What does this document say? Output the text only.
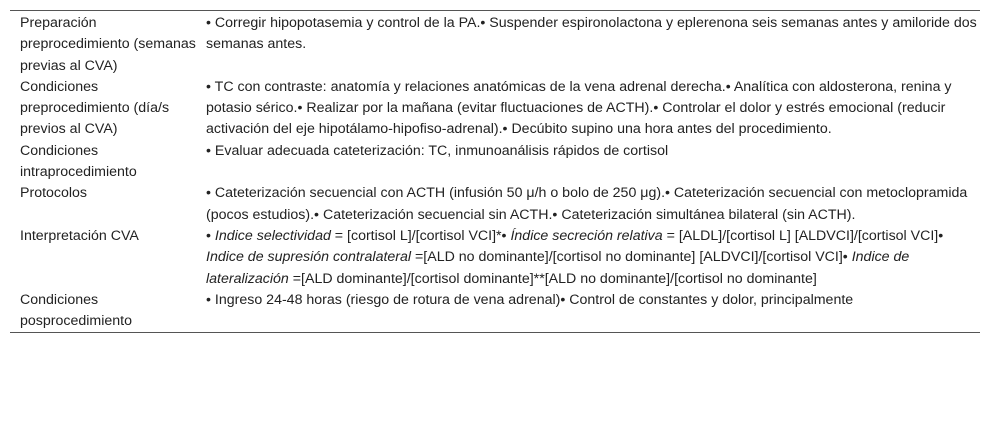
Preparación preprocedimiento (semanas previas al CVA)	• Corregir hipopotasemia y control de la PA.• Suspender espironolactona y eplerenona seis semanas antes y amiloride dos semanas antes.
Condiciones preprocedimiento (día/s previos al CVA)	• TC con contraste: anatomía y relaciones anatómicas de la vena adrenal derecha.• Analítica con aldosterona, renina y potasio sérico.• Realizar por la mañana (evitar fluctuaciones de ACTH).• Controlar el dolor y estrés emocional (reducir activación del eje hipotálamo-hipofiso-adrenal).• Decúbito supino una hora antes del procedimiento.
Condiciones intraprocedimiento	• Evaluar adecuada cateterización: TC, inmunoanálisis rápidos de cortisol
Protocolos	• Cateterización secuencial con ACTH (infusión 50 μ/h o bolo de 250 μg).• Cateterización secuencial con metoclopramida (pocos estudios).• Cateterización secuencial sin ACTH.• Cateterización simultánea bilateral (sin ACTH).
Interpretación CVA	• Indice selectividad = [cortisol L]/[cortisol VCI]*• Índice secreción relativa = [ALDL]/[cortisol L] [ALDVCI]/[cortisol VCI]• Indice de supresión contralateral =[ALD no dominante]/[cortisol no dominante] [ALDVCI]/[cortisol VCI]• Indice de lateralización =[ALD dominante]/[cortisol dominante]**[ALD no dominante]/[cortisol no dominante]
Condiciones posprocedimiento	• Ingreso 24-48 horas (riesgo de rotura de vena adrenal)• Control de constantes y dolor, principalmente
